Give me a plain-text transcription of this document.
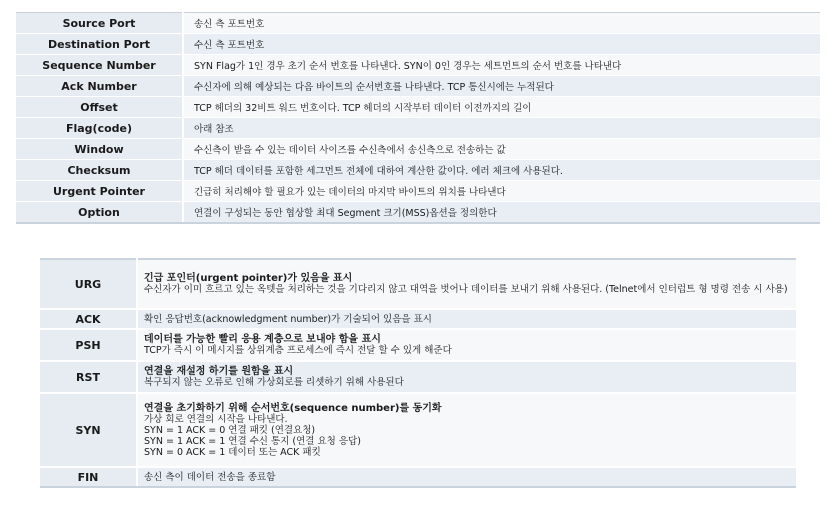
Source Port	송신 측 포트번호
Destination Port	수신 측 포트번호
Sequence Number	SYN Flag가 1인 경우 초기 순서 번호를 나타낸다. SYN이 0인 경우는 세트먼트의 순서 번호를 나타낸다
Ack Number	수신자에 의해 예상되는 다음 바이트의 순서번호를 나타낸다. TCP 통신시에는 누적된다
Offset	TCP 헤더의 32비트 워드 번호이다. TCP 헤더의 시작부터 데이터 이전까지의 길이
Flag(code)	아래 참조
Window	수신측이 받을 수 있는 데이터 사이즈를 수신측에서 송신측으로 전송하는 값
Checksum	TCP 헤더 데이터를 포함한 세그먼트 전체에 대하여 계산한 값이다. 에러 체크에 사용된다.
Urgent Pointer	긴급히 처리해야 할 필요가 있는 데이터의 마지막 바이트의 위치를 나타낸다
Option	연결이 구성되는 동안 협상할 최대 Segment 크기(MSS)옵션을 정의한다
URG	긴급 포인터(urgent pointer)가 있음을 표시
수신자가 이미 흐르고 있는 옥텟을 처리하는 것을 기다리지 않고 대역을 벗어나 데이터를 보내기 위해 사용된다. (Telnet에서 인터럽트 형 명령 전송 시 사용)

ACK	확인 응답번호(acknowledgment number)가 기술되어 있음을 표시

PSH	데이터를 가능한 빨리 응용 계층으로 보내야 함을 표시
TCP가 즉시 이 메시지를 상위계층 프로세스에 즉시 전달 할 수 있게 해준다

RST	연결을 재설정 하기를 원함을 표시
복구되지 않는 오류로 인해 가상회로를 리셋하기 위해 사용된다

SYN	연결을 초기화하기 위해 순서번호(sequence number)를 동기화
가상 회로 연결의 시작을 나타낸다.
SYN = 1 ACK = 0 연결 패킷 (연결요청)
SYN = 1 ACK = 1 연결 수신 통지 (연결 요청 응답)
SYN = 0 ACK = 1 데이터 또는 ACK 패킷

FIN	송신 측이 데이터 전송을 종료함
